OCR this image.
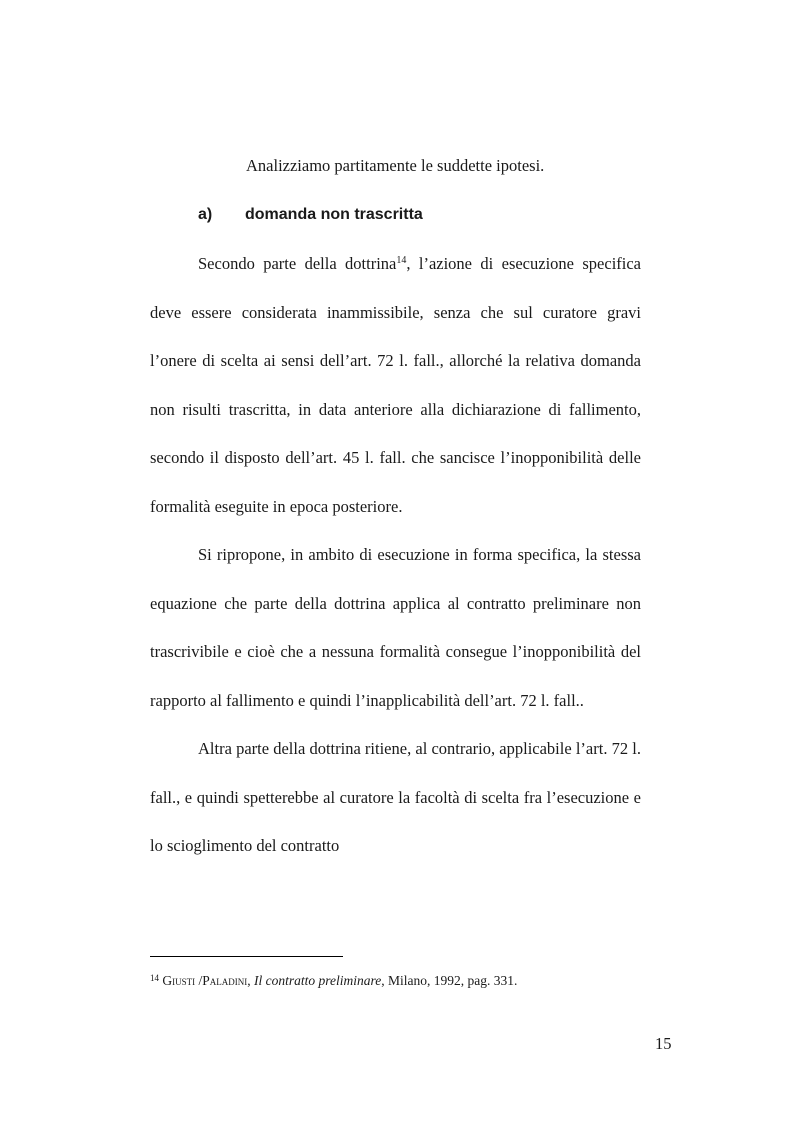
Analizziamo partitamente le suddette ipotesi.
a) domanda non trascritta

Secondo parte della dottrina$^{14}$, l’azione di esecuzione specifica
deve essere considerata inammissibile, senza che sul curatore gravi
l’onere di scelta ai sensi dell’art. 72 l. fall., allorché la relativa domanda
non risulti trascritta, in data anteriore alla dichiarazione di fallimento,
secondo il disposto dell’art. 45 l. fall. che sancisce l’inopponibilità delle
formalità eseguite in epoca posteriore.

Si ripropone, in ambito di esecuzione in forma specifica, la stessa
equazione che parte della dottrina applica al contratto preliminare non
trascrivibile e cioè che a nessuna formalità consegue l’inopponibilità del
rapporto al fallimento e quindi l’inapplicabilità dell’art. 72 l. fall..

Altra parte della dottrina ritiene, al contrario, applicabile l’art. 72 l.
fall., e quindi spetterebbe al curatore la facoltà di scelta fra l’esecuzione e
lo scioglimento del contratto

$^{14}$ Giusti /Paladini, Il contratto preliminare, Milano, 1992, pag. 331.
15
